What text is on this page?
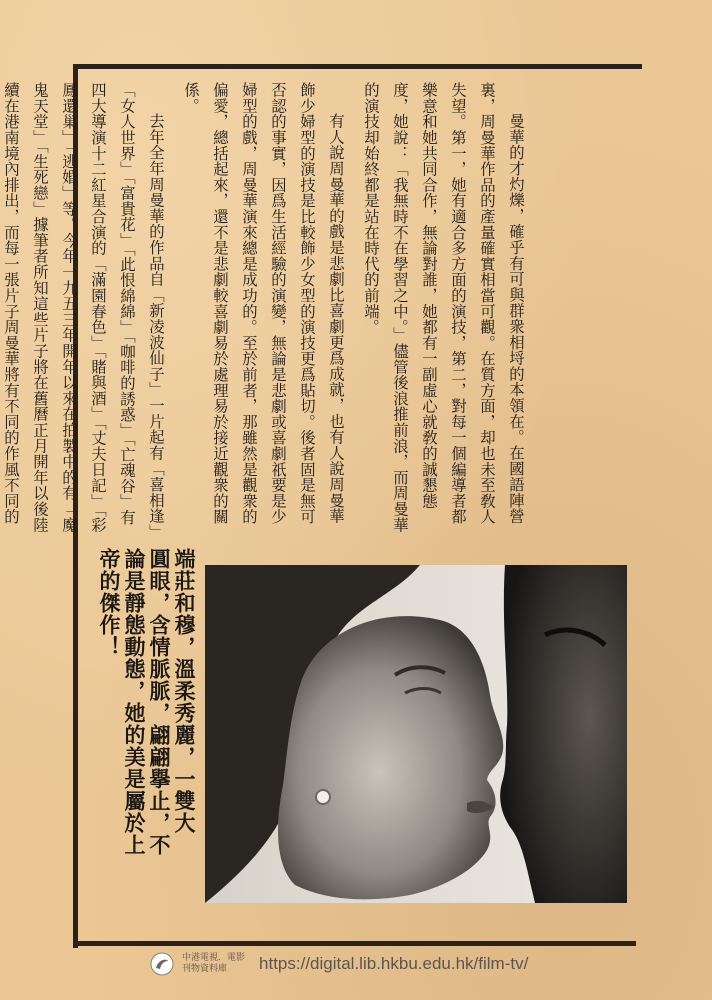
曼華的才灼爍，確乎有可與群衆相埒的本領在。在國語陣營裏，周曼華作品的產量確實相當可觀。在質方面，却也未至敎人失望。第一，她有適合多方面的演技，第二，對每一個編導者都樂意和她共同合作，無論對誰，她都有一副虛心就敎的誠懇態度，她說：「我無時不在學習之中。」儘管後浪推前浪，而周曼華的演技却始終都是站在時代的前端。

有人說周曼華的戲是悲劇比喜劇更爲成就，也有人說周曼華飾少婦型的演技是比較飾少女型的演技更爲貼切。後者固是無可否認的事實，因爲生活經驗的演變，無論是悲劇或喜劇祇要是少婦型的戲，周曼華演來總是成功的。至於前者，那雖然是觀衆的偏愛，總括起來，還不是悲劇較喜劇易於處理易於接近觀衆的關係。

去年全年周曼華的作品自「新凌波仙子」一片起有「喜相逢」「女人世界」「富貴花」「此恨綿綿」「咖啡的誘惑」「亡魂谷」有四大導演十二紅星合演的「滿園春色」「賭與酒」「丈夫日記」「彩鳳還巢」「逃婚」等。今年一九五三年開年以來在拍製中的有「魔鬼天堂」「生死戀」據筆者所知這些片子將在舊曆正月開年以後陸續在港南境內排出，而每一張片子周曼華將有不同的作風不同的

端莊和穆，溫柔秀麗，一雙大

圓眼，含情脈脈，翩翩擧止，不

論是靜態動態，她的美是屬於上

帝的傑作！

中港電視．電影
刊物資料庫	https://digital.lib.hkbu.edu.hk/film-tv/
